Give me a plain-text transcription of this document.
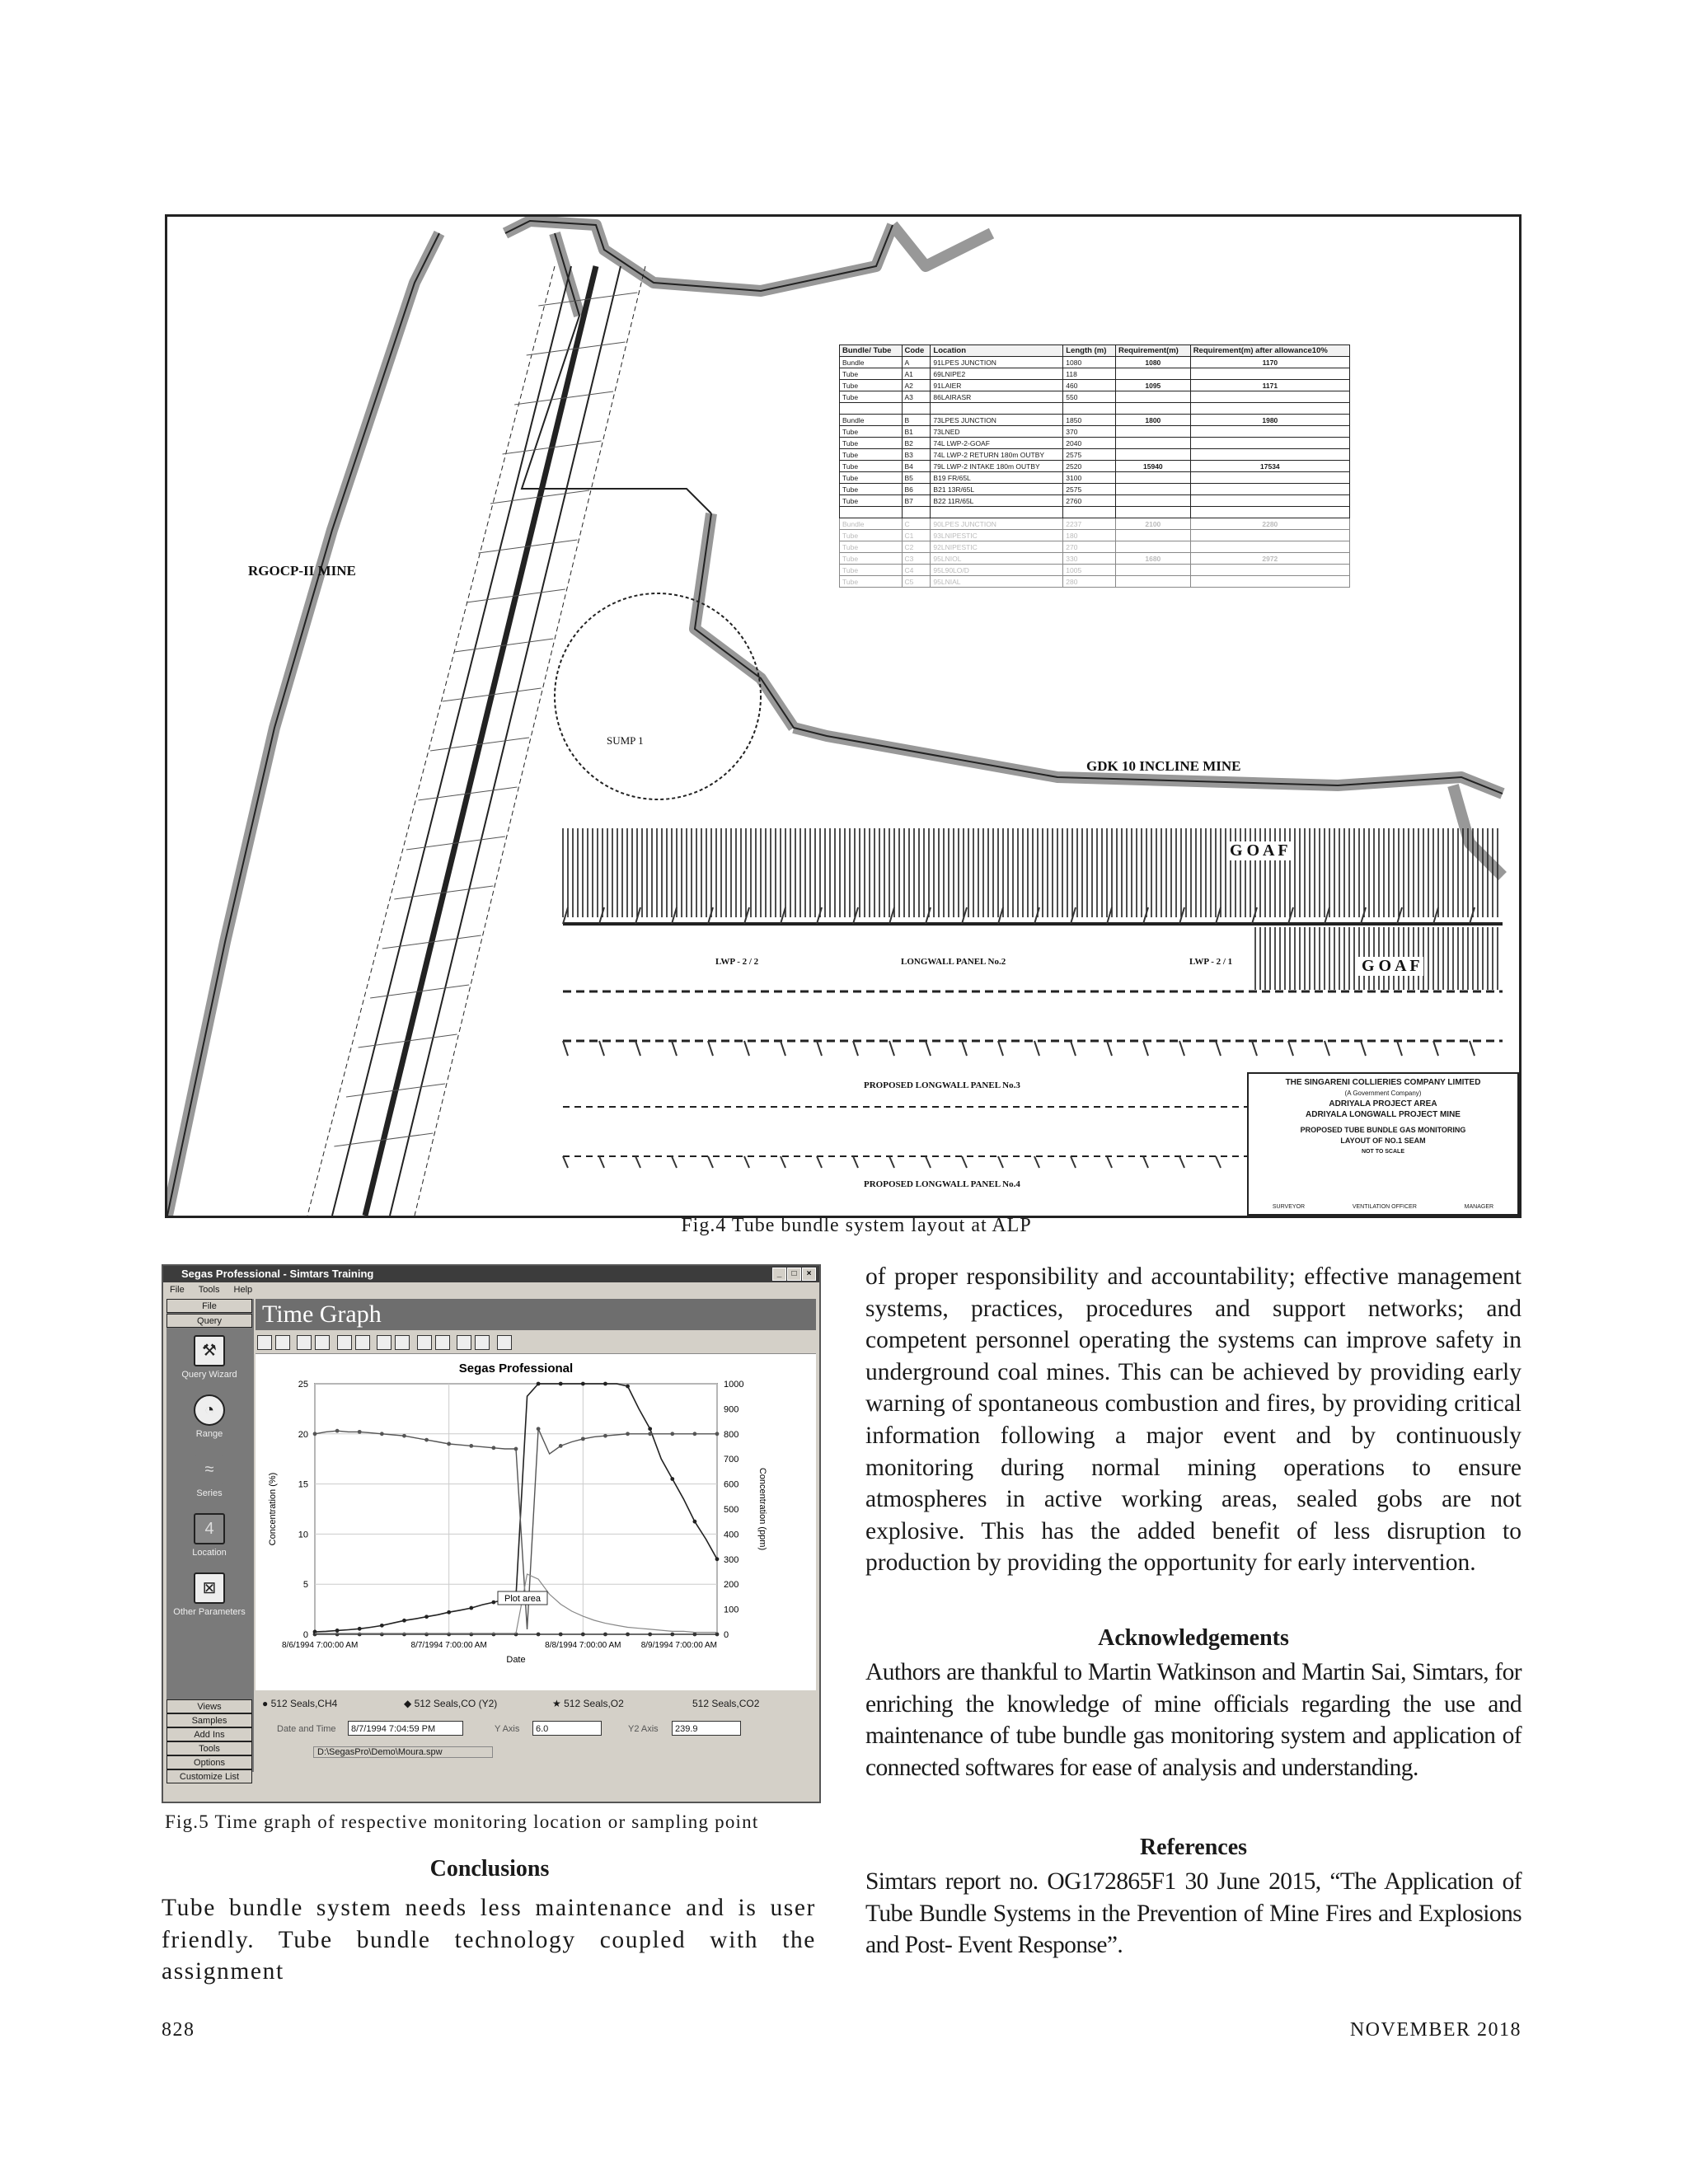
RGOCP-II MINE
GDK 10 INCLINE MINE
SUMP 1
LWP - 2 / 2	LONGWALL PANEL No.2	LWP - 2 / 1
G O A F
G O A F
PROPOSED LONGWALL PANEL No.3
PROPOSED LONGWALL PANEL No.4
Bundle/ Tube	Code	Location	Length (m)	Requirement(m)	Requirement(m) after allowance10%
Bundle	A	91LPES JUNCTION	1080	1080	1170
Tube	A1	69LNIPE2	118		
Tube	A2	91LAIER	460	1095	1171
Tube	A3	86LAIRASR	550		

Bundle	B	73LPES JUNCTION	1850	1800	1980
Tube	B1	73LNED	370		
Tube	B2	74L LWP-2-GOAF	2040		
Tube	B3	74L LWP-2 RETURN 180m OUTBY	2575		
Tube	B4	79L LWP-2 INTAKE 180m OUTBY	2520	15940	17534
Tube	B5	B19 FR/65L	3100		
Tube	B6	B21 13R/65L	2575		
Tube	B7	B22 11R/65L	2760		

Bundle	C	90LPES JUNCTION	2237	2100	2280
Tube	C1	93LNIPESTIC	180		
Tube	C2	92LNIPESTIC	270		
Tube	C3	95LNIOL	330	1680	2972
Tube	C4	95L90LO/D	1005		
Tube	C5	95LNIAL	280		
THE SINGARENI COLLIERIES COMPANY LIMITED
(A Government Company)
ADRIYALA PROJECT AREA
ADRIYALA LONGWALL PROJECT MINE
PROPOSED TUBE BUNDLE GAS MONITORING
LAYOUT OF NO.1 SEAM
NOT TO SCALE
SURVEYOR	VENTILATION OFFICER	MANAGER
Fig.4 Tube bundle system layout at ALP
Segas Professional - Simtars Training	_	□	×
File Tools Help
File
Query
⚒
Query Wizard
◔
Range
≈
Series
4
Location
⊠
Other Parameters
Views
Samples
Add Ins
Tools
Options
Customize List
Time Graph

Segas Professional
0
5
10
15
20
25
0
100
200
300
400
500
600
700
800
900
1000
8/6/1994 7:00:00 AM	8/7/1994 7:00:00 AM	8/8/1994 7:00:00 AM 8/9/1994 7:00:00 AM
Date
Concentration (%)	Concentration (ppm)
Plot area
● 512 Seals,CH4	◆ 512 Seals,CO (Y2)	★ 512 Seals,O2	512 Seals,CO2
Date and Time	8/7/1994 7:04:59 PM	Y Axis	6.0	Y2 Axis	239.9
D:\SegasPro\Demo\Moura.spw
Fig.5 Time graph of respective monitoring location or sampling point
Conclusions
Tube bundle system needs less maintenance and is user friendly. Tube bundle technology coupled with the assignment
of proper responsibility and accountability; effective management systems, practices, procedures and support networks; and competent personnel operating the systems can improve safety in underground coal mines. This can be achieved by providing early warning of spontaneous combustion and fires, by providing critical information following a major event and by continuously monitoring during normal mining operations to ensure atmospheres in active working areas, sealed gobs are not explosive. This has the added benefit of less disruption to production by providing the opportunity for early intervention.
Acknowledgements
Authors are thankful to Martin Watkinson and Martin Sai, Simtars, for enriching the knowledge of mine officials regarding the use and maintenance of tube bundle gas monitoring system and application of connected softwares for ease of analysis and understanding.
References
Simtars report no. OG172865F1 30 June 2015, “The Application of Tube Bundle Systems in the Prevention of Mine Fires and Explosions and Post- Event Response”.
828	NOVEMBER 2018
